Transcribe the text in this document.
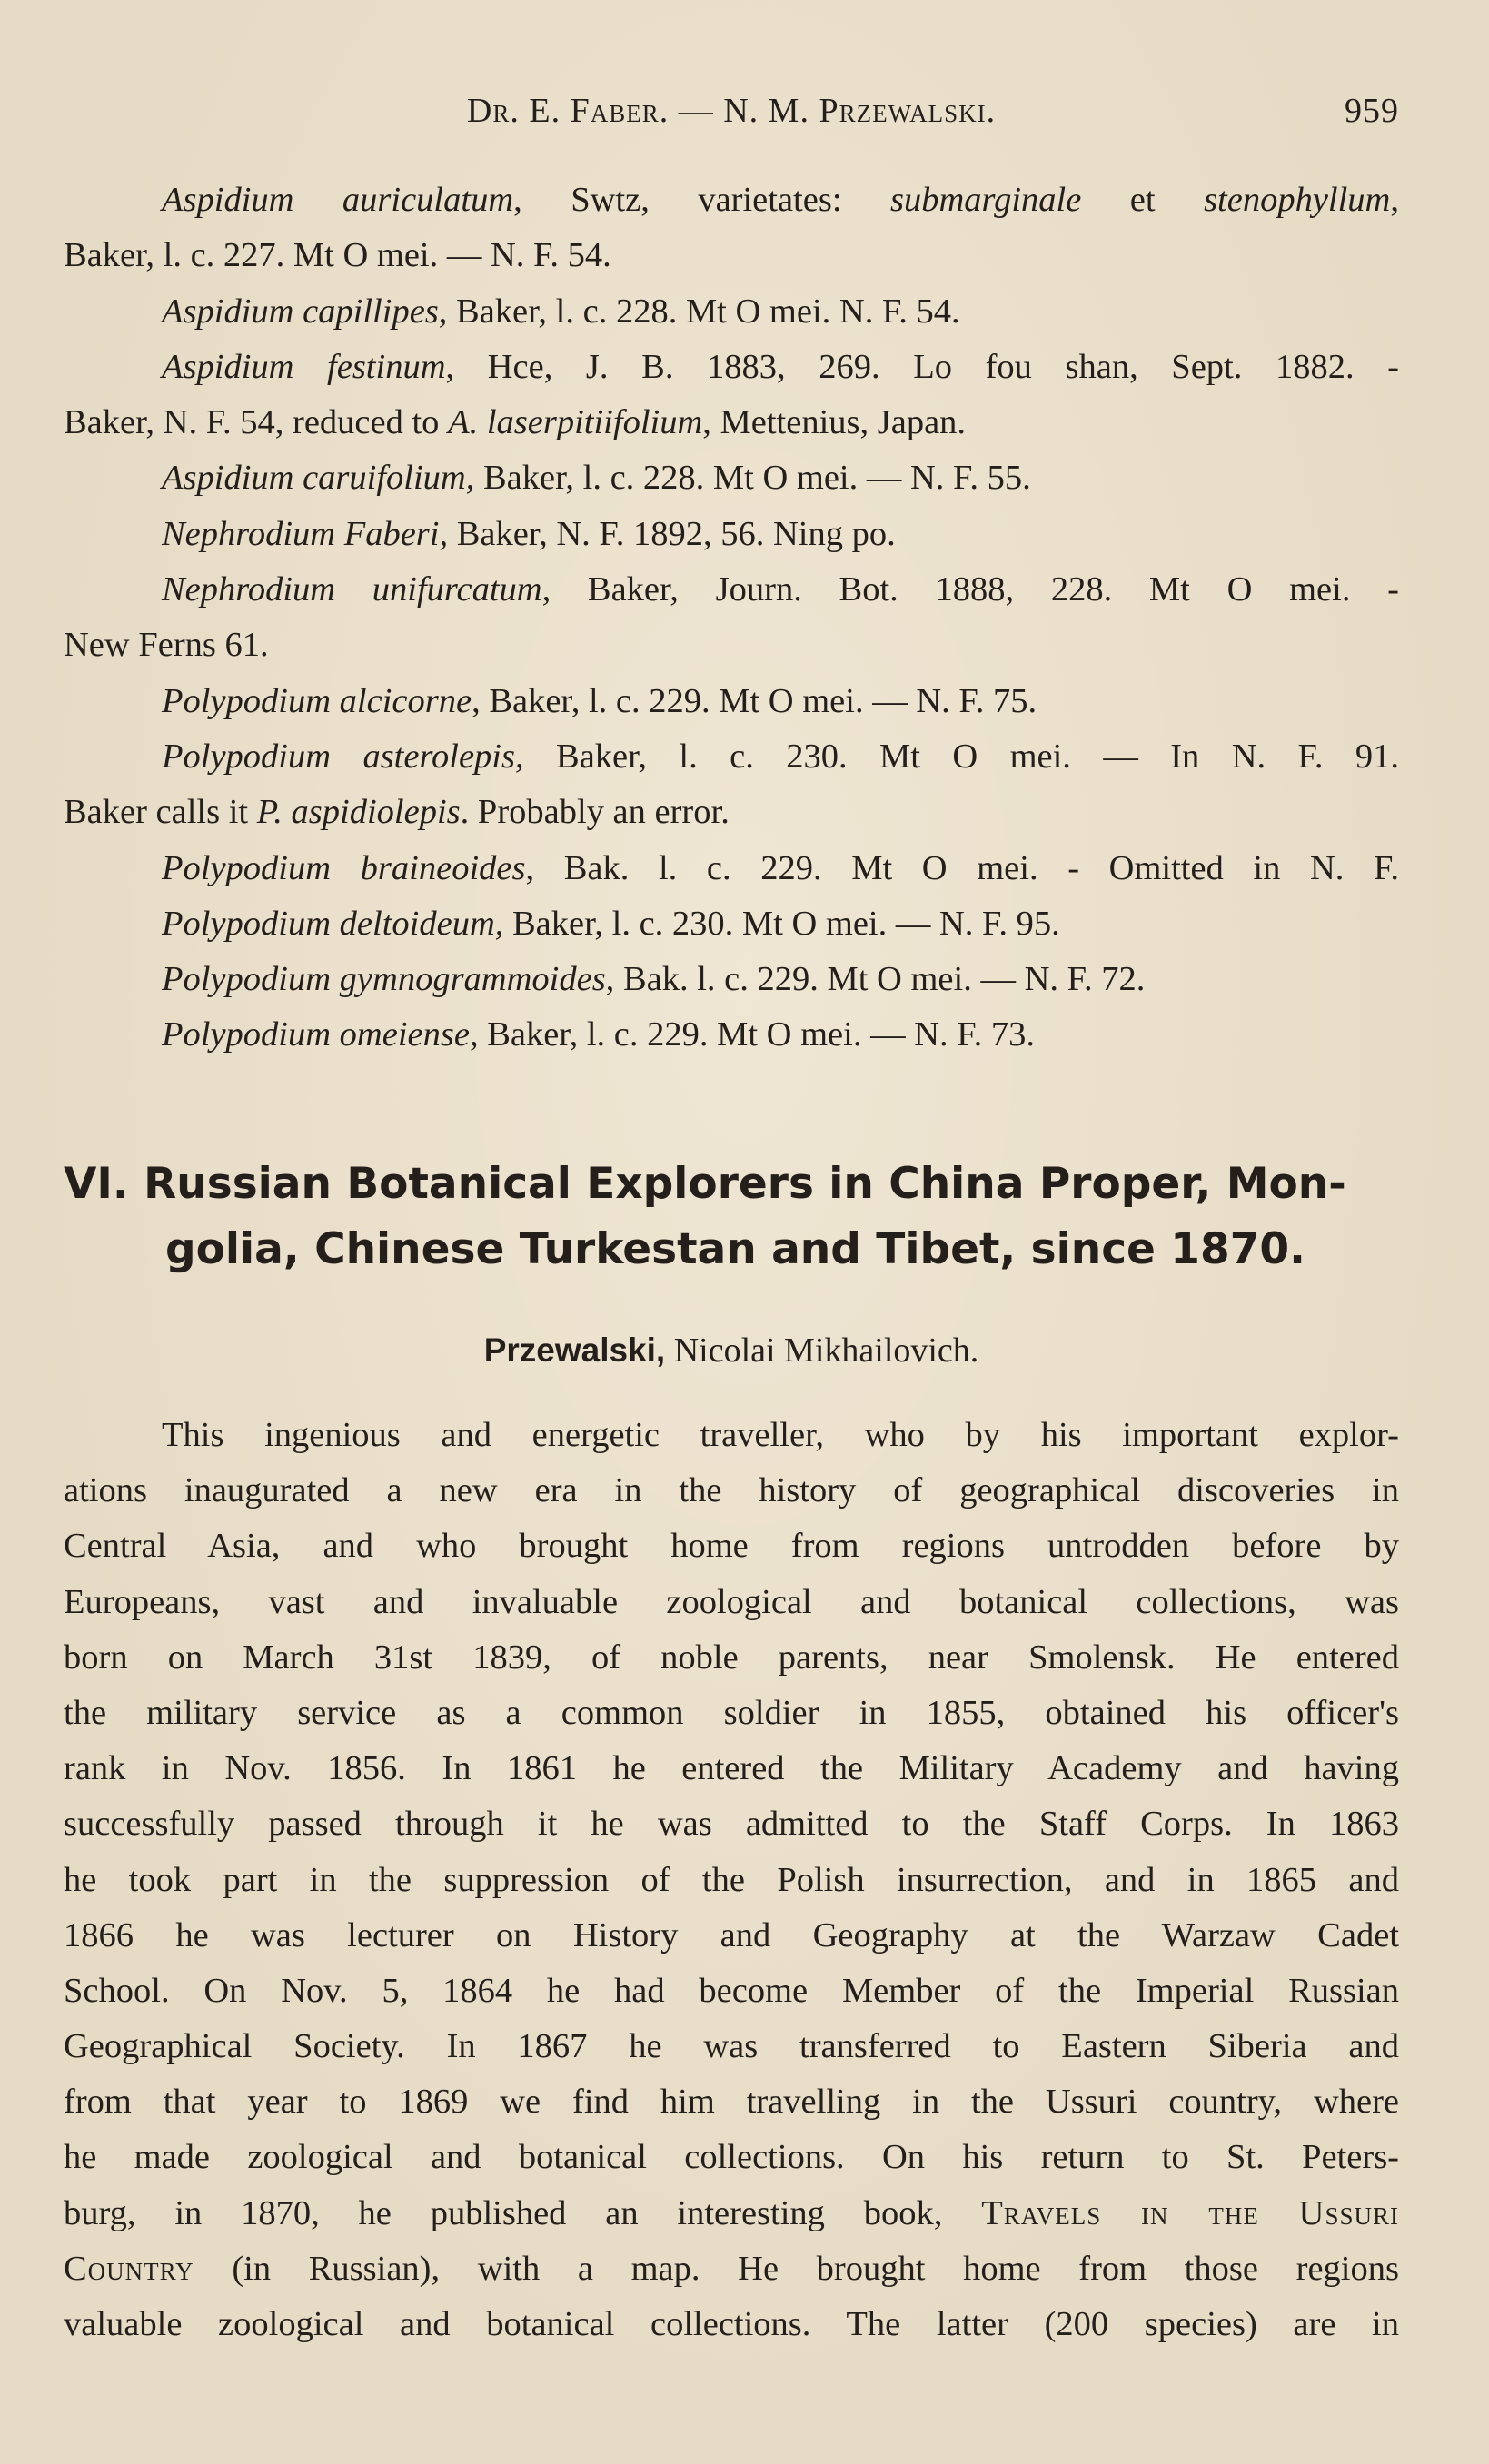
Dr. E. Faber. — N. M. Przewalski.	959
Aspidium auriculatum, Swtz, varietates: submarginale et stenophyllum,
Baker, l. c. 227. Mt O mei. — N. F. 54.
Aspidium capillipes, Baker, l. c. 228. Mt O mei. N. F. 54.
Aspidium festinum, Hce, J. B. 1883, 269. Lo fou shan, Sept. 1882. -
Baker, N. F. 54, reduced to A. laserpitiifolium, Mettenius, Japan.
Aspidium caruifolium, Baker, l. c. 228. Mt O mei. — N. F. 55.
Nephrodium Faberi, Baker, N. F. 1892, 56. Ning po.
Nephrodium unifurcatum, Baker, Journ. Bot. 1888, 228. Mt O mei. -
New Ferns 61.
Polypodium alcicorne, Baker, l. c. 229. Mt O mei. — N. F. 75.
Polypodium asterolepis, Baker, l. c. 230. Mt O mei. — In N. F. 91.
Baker calls it P. aspidiolepis. Probably an error.
Polypodium braineoides, Bak. l. c. 229. Mt O mei. - Omitted in N. F.
Polypodium deltoideum, Baker, l. c. 230. Mt O mei. — N. F. 95.
Polypodium gymnogrammoides, Bak. l. c. 229. Mt O mei. — N. F. 72.
Polypodium omeiense, Baker, l. c. 229. Mt O mei. — N. F. 73.
VI. Russian Botanical Explorers in China Proper, Mon-
golia, Chinese Turkestan and Tibet, since 1870.
Przewalski, Nicolai Mikhailovich.
This ingenious and energetic traveller, who by his important explor-
ations inaugurated a new era in the history of geographical discoveries in
Central Asia, and who brought home from regions untrodden before by
Europeans, vast and invaluable zoological and botanical collections, was
born on March 31st 1839, of noble parents, near Smolensk. He entered
the military service as a common soldier in 1855, obtained his officer's
rank in Nov. 1856. In 1861 he entered the Military Academy and having
successfully passed through it he was admitted to the Staff Corps. In 1863
he took part in the suppression of the Polish insurrection, and in 1865 and
1866 he was lecturer on History and Geography at the Warzaw Cadet
School. On Nov. 5, 1864 he had become Member of the Imperial Russian
Geographical Society. In 1867 he was transferred to Eastern Siberia and
from that year to 1869 we find him travelling in the Ussuri country, where
he made zoological and botanical collections. On his return to St. Peters-
burg, in 1870, he published an interesting book, Travels in the Ussuri
Country (in Russian), with a map. He brought home from those regions
valuable zoological and botanical collections. The latter (200 species) are in
